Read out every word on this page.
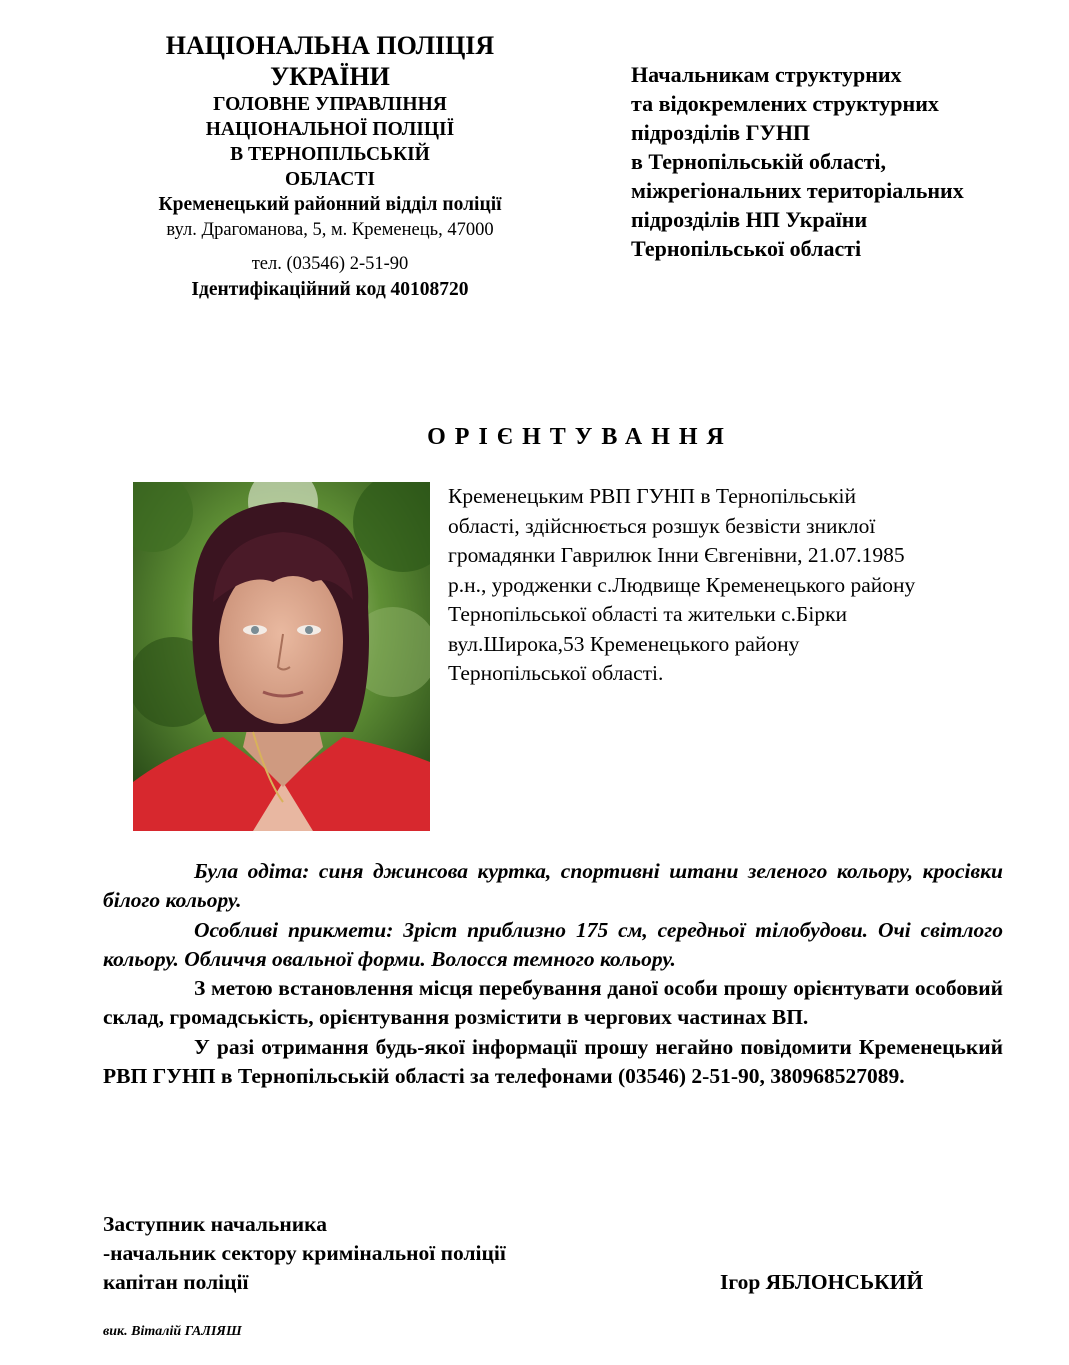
НАЦІОНАЛЬНА ПОЛІЦІЯ
УКРАЇНИ
ГОЛОВНЕ УПРАВЛІННЯ
НАЦІОНАЛЬНОЇ ПОЛІЦІЇ
В ТЕРНОПІЛЬСЬКІЙ
ОБЛАСТІ
Кременецький районний відділ поліції
вул. Драгоманова, 5, м. Кременець, 47000
тел. (03546) 2-51-90
Ідентифікаційний код 40108720
Начальникам структурних
та відокремлених структурних
підрозділів ГУНП
в Тернопільській області,
міжрегіональних територіальних
підрозділів НП України
Тернопільської області
ОРІЄНТУВАННЯ
Кременецьким РВП ГУНП в Тернопільській
області, здійснюється розшук безвісти зниклої
громадянки Гаврилюк Інни Євгенівни, 21.07.1985
р.н., уродженки с.Людвище Кременецького району
Тернопільської області та жительки с.Бірки
вул.Широка,53 Кременецького району
Тернопільської області.

Була одіта: синя джинсова куртка, спортивні штани зеленого кольору, кросівки білого кольору.

Особливі прикмети: Зріст приблизно 175 см, середньої тілобудови. Очі світлого кольору. Обличчя овальної форми. Волосся темного кольору.

З метою встановлення місця перебування даної особи прошу орієнтувати особовий склад, громадськість, орієнтування розмістити в чергових частинах ВП.

У разі отримання будь-якої інформації прошу негайно повідомити Кременецький РВП ГУНП в Тернопільській області за телефонами (03546) 2-51-90, 380968527089.

Заступник начальника
-начальник сектору кримінальної поліції
капітан поліції	Ігор ЯБЛОНСЬКИЙ
вик. Віталій ГАЛІЯШ
